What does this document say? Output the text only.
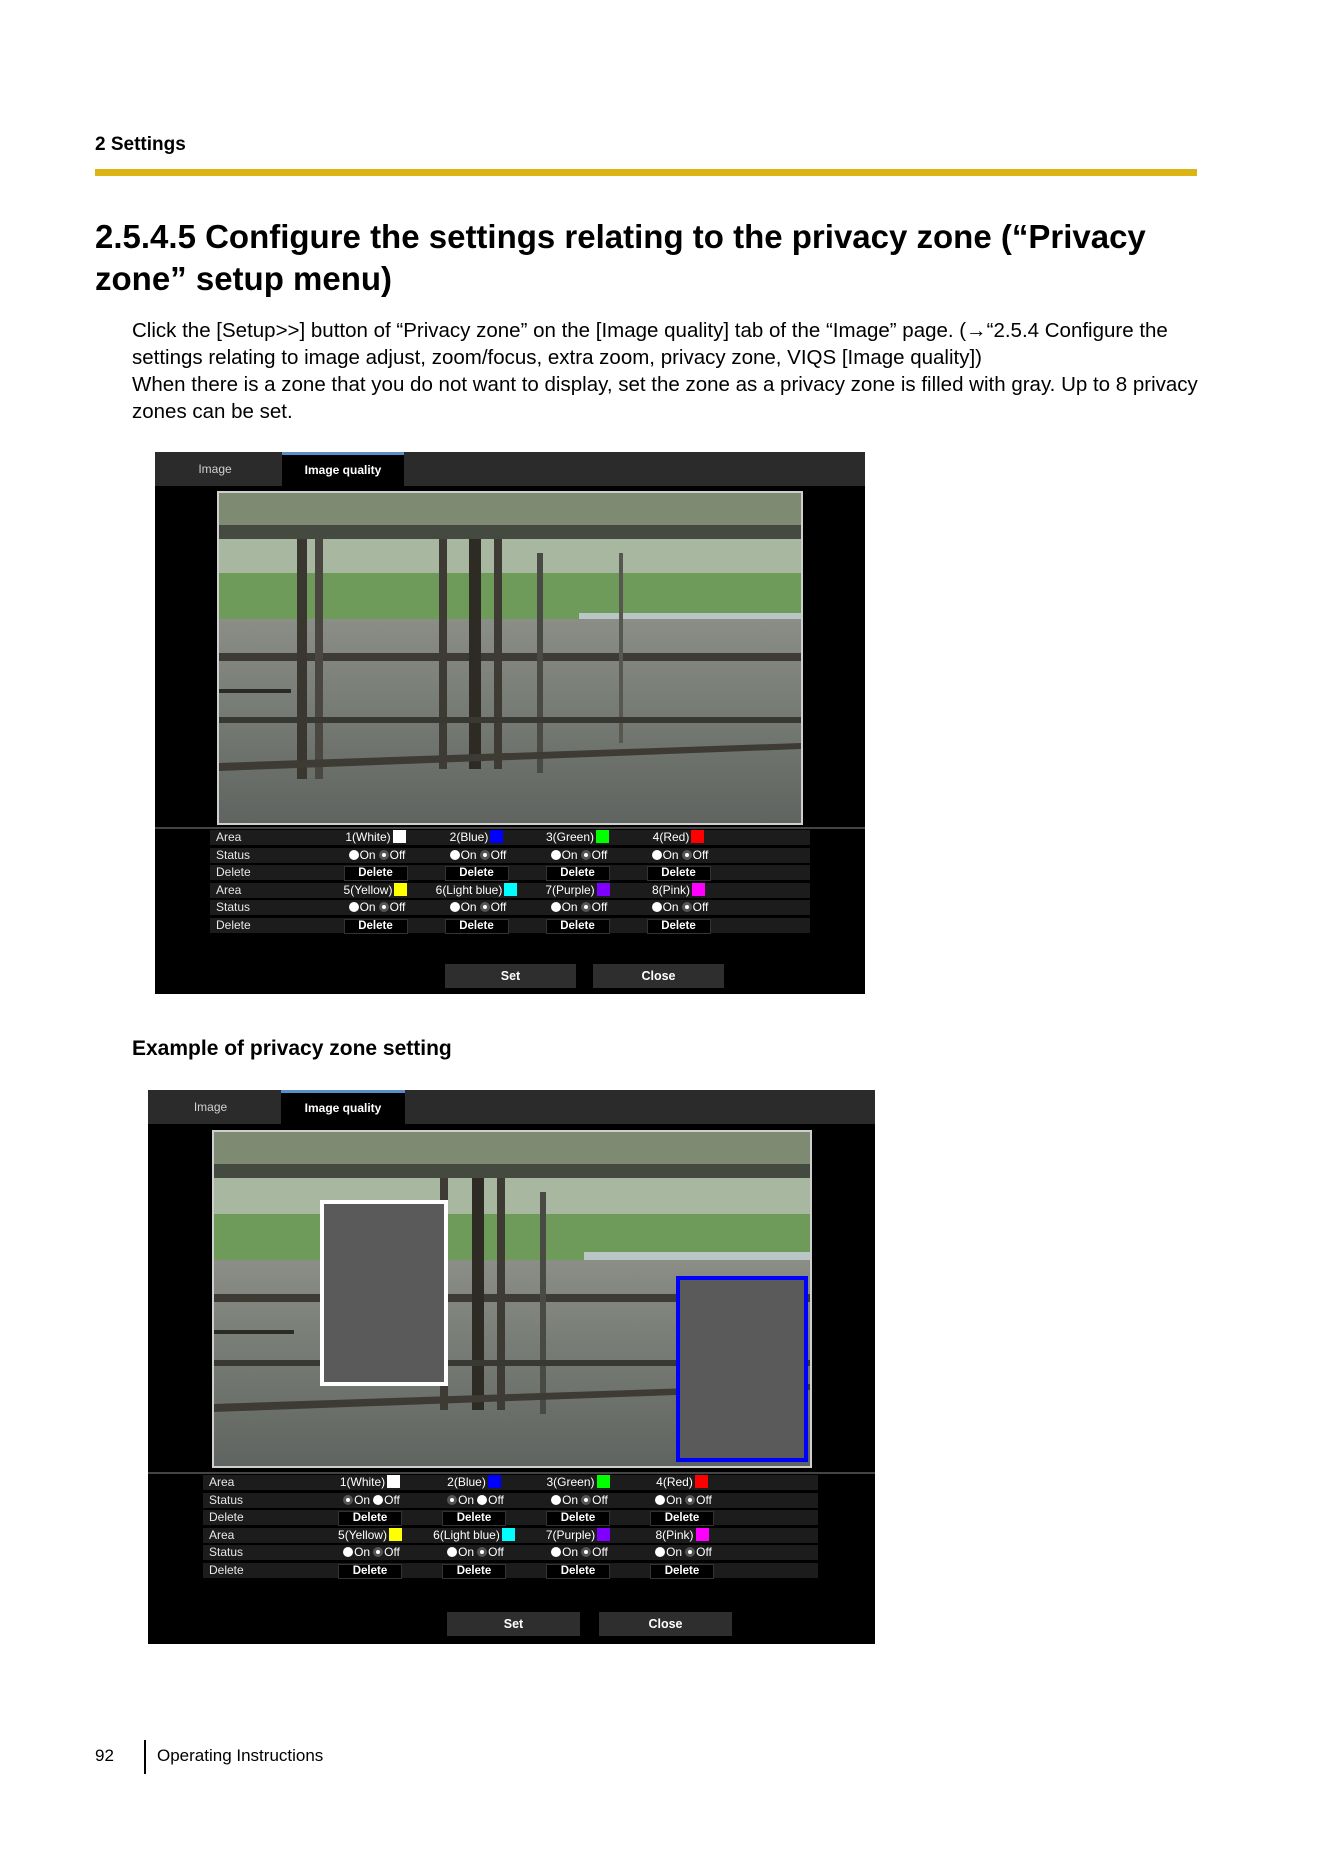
2 Settings
2.5.4.5 Configure the settings relating to the privacy zone (“Privacy zone” setup menu)
Click the [Setup>>] button of “Privacy zone” on the [Image quality] tab of the “Image” page. (→“2.5.4 Configure the settings relating to image adjust, zoom/focus, extra zoom, privacy zone, VIQS [Image quality])
When there is a zone that you do not want to display, set the zone as a privacy zone is filled with gray. Up to 8 privacy zones can be set.
Image	Image quality
Area	1(White)	2(Blue)	3(Green)	4(Red)
Status	On Off	On Off	On Off	On Off
Delete	Delete	Delete	Delete	Delete
Area	5(Yellow)	6(Light blue)	7(Purple)	8(Pink)
Status	On Off	On Off	On Off	On Off
Delete	Delete	Delete	Delete	Delete
Set	Close
Example of privacy zone setting
Image	Image quality
Area	1(White)	2(Blue)	3(Green)	4(Red)
Status	On Off	On Off	On Off	On Off
Delete	Delete	Delete	Delete	Delete
Area	5(Yellow)	6(Light blue)	7(Purple)	8(Pink)
Status	On Off	On Off	On Off	On Off
Delete	Delete	Delete	Delete	Delete
Set	Close
92	Operating Instructions
